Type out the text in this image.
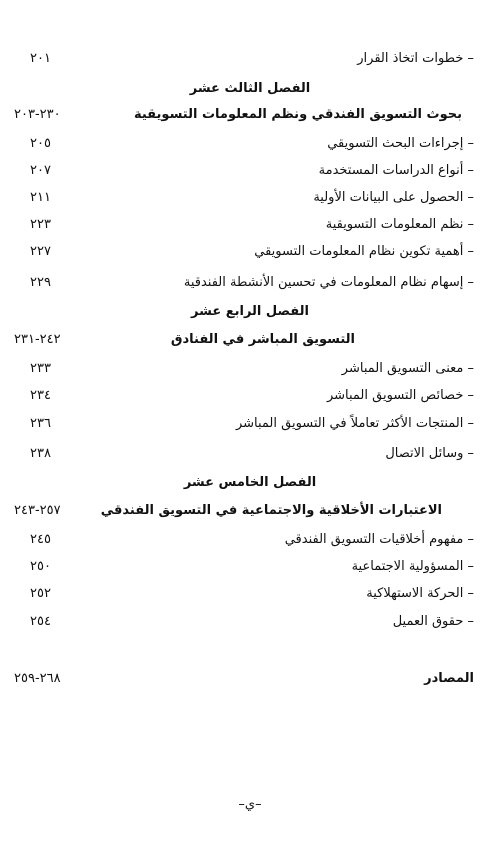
– خطوات اتخاذ القرار
٢٠١
الفصل الثالث عشر
بحوث التسويق الفندقي ونظم المعلومات التسويقية
٢٣٠-٢٠٣
– إجراءات البحث التسويقي
٢٠٥
– أنواع الدراسات المستخدمة
٢٠٧
– الحصول على البيانات الأولية
٢١١
– نظم المعلومات التسويقية
٢٢٣
– أهمية تكوين نظام المعلومات التسويقي
٢٢٧
– إسهام نظام المعلومات في تحسين الأنشطة الفندقية
٢٢٩
الفصل الرابع عشر
التسويق المباشر في الفنادق
٢٤٢-٢٣١
– معنى التسويق المباشر
٢٣٣
– خصائص التسويق المباشر
٢٣٤
– المنتجات الأكثر تعاملاً في التسويق المباشر
٢٣٦
– وسائل الاتصال
٢٣٨
الفصل الخامس عشر
الاعتبارات الأخلاقية والاجتماعية في التسويق الفندقي
٢٥٧-٢٤٣
– مفهوم أخلاقيات التسويق الفندقي
٢٤٥
– المسؤولية الاجتماعية
٢٥٠
– الحركة الاستهلاكية
٢٥٢
– حقوق العميل
٢٥٤
المصادر
٢٦٨-٢٥٩
–ي–
